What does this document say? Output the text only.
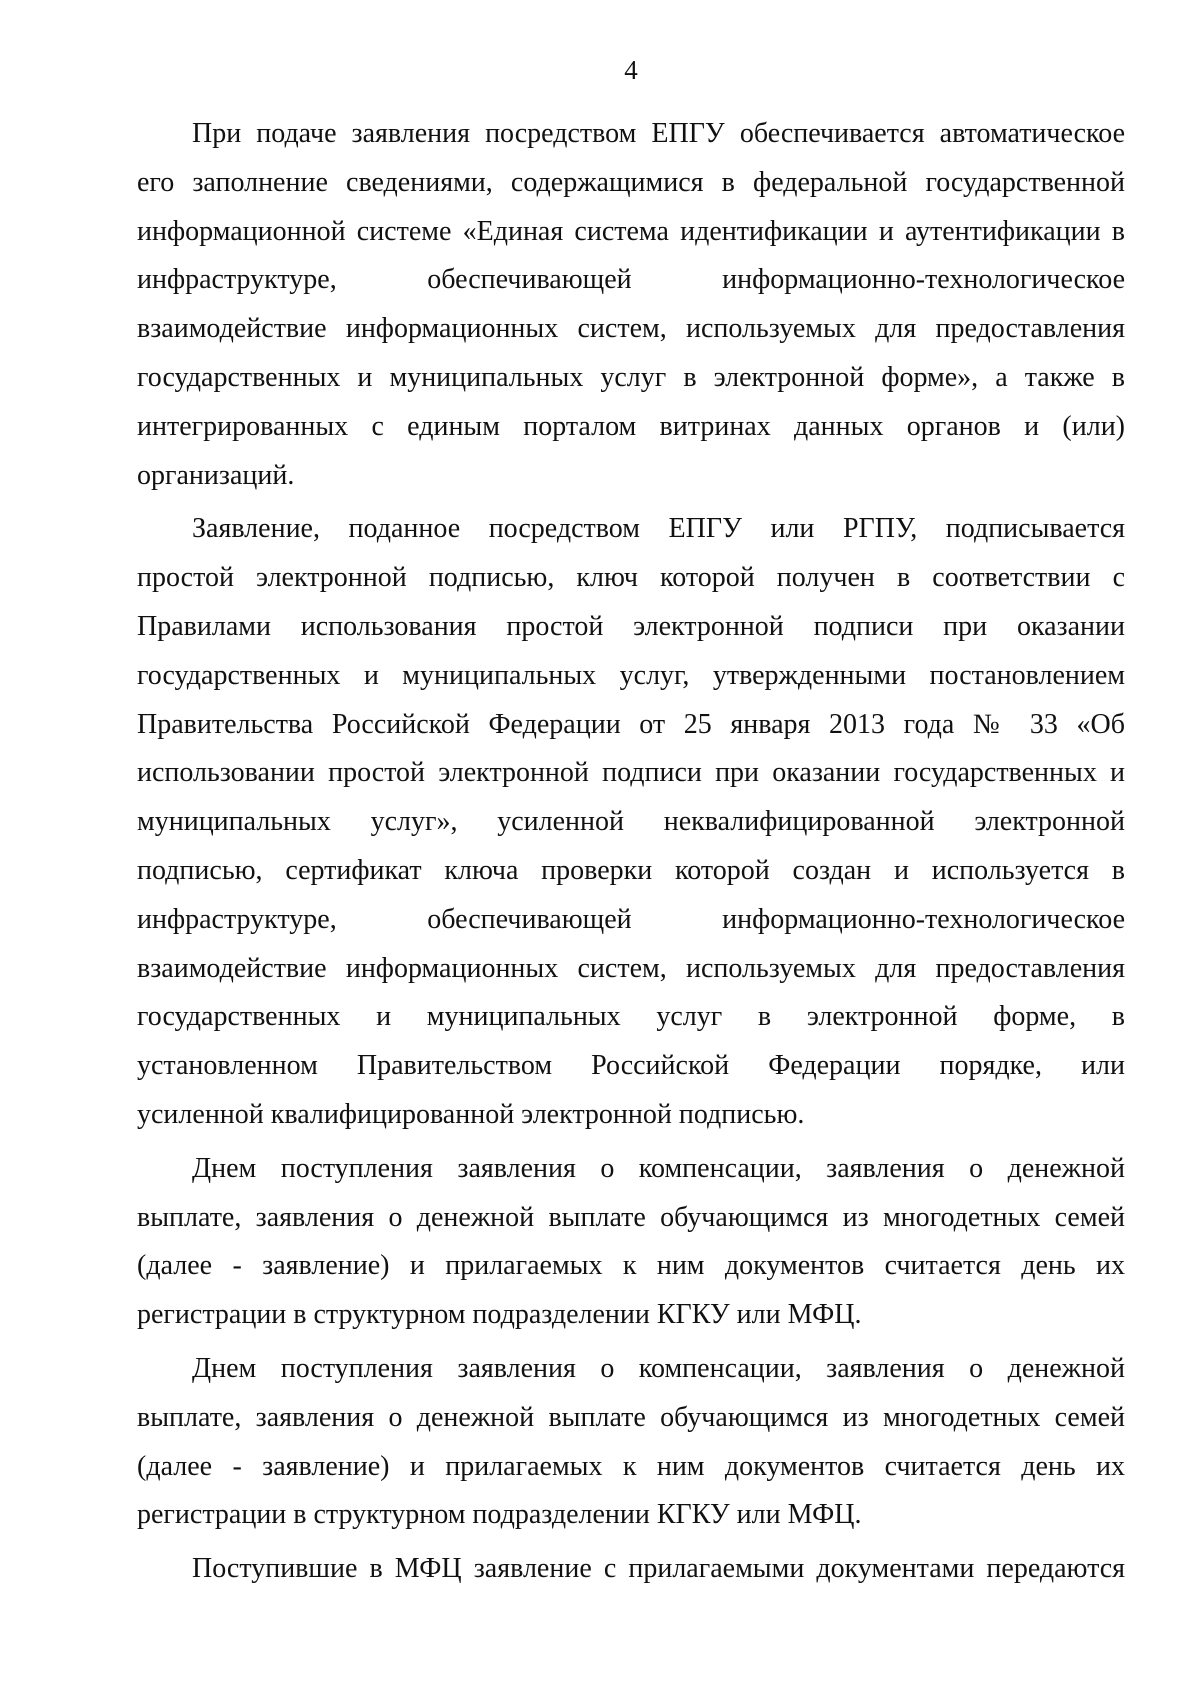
4

При подаче заявления посредством ЕПГУ обеспечивается автоматическое
его заполнение сведениями, содержащимися в федеральной государственной
информационной системе «Единая система идентификации и аутентификации в
инфраструктуре, обеспечивающей информационно-технологическое
взаимодействие информационных систем, используемых для предоставления
государственных и муниципальных услуг в электронной форме», а также в
интегрированных с единым порталом витринах данных органов и (или)
организаций.

Заявление, поданное посредством ЕПГУ или РГПУ, подписывается
простой электронной подписью, ключ которой получен в соответствии с
Правилами использования простой электронной подписи при оказании
государственных и муниципальных услуг, утвержденными постановлением
Правительства Российской Федерации от 25 января 2013 года № 33 «Об
использовании простой электронной подписи при оказании государственных и
муниципальных услуг», усиленной неквалифицированной электронной
подписью, сертификат ключа проверки которой создан и используется в
инфраструктуре, обеспечивающей информационно-технологическое
взаимодействие информационных систем, используемых для предоставления
государственных и муниципальных услуг в электронной форме, в
установленном Правительством Российской Федерации порядке, или
усиленной квалифицированной электронной подписью.

Днем поступления заявления о компенсации, заявления о денежной
выплате, заявления о денежной выплате обучающимся из многодетных семей
(далее - заявление) и прилагаемых к ним документов считается день их
регистрации в структурном подразделении КГКУ или МФЦ.

Днем поступления заявления о компенсации, заявления о денежной
выплате, заявления о денежной выплате обучающимся из многодетных семей
(далее - заявление) и прилагаемых к ним документов считается день их
регистрации в структурном подразделении КГКУ или МФЦ.

Поступившие в МФЦ заявление с прилагаемыми документами передаются
